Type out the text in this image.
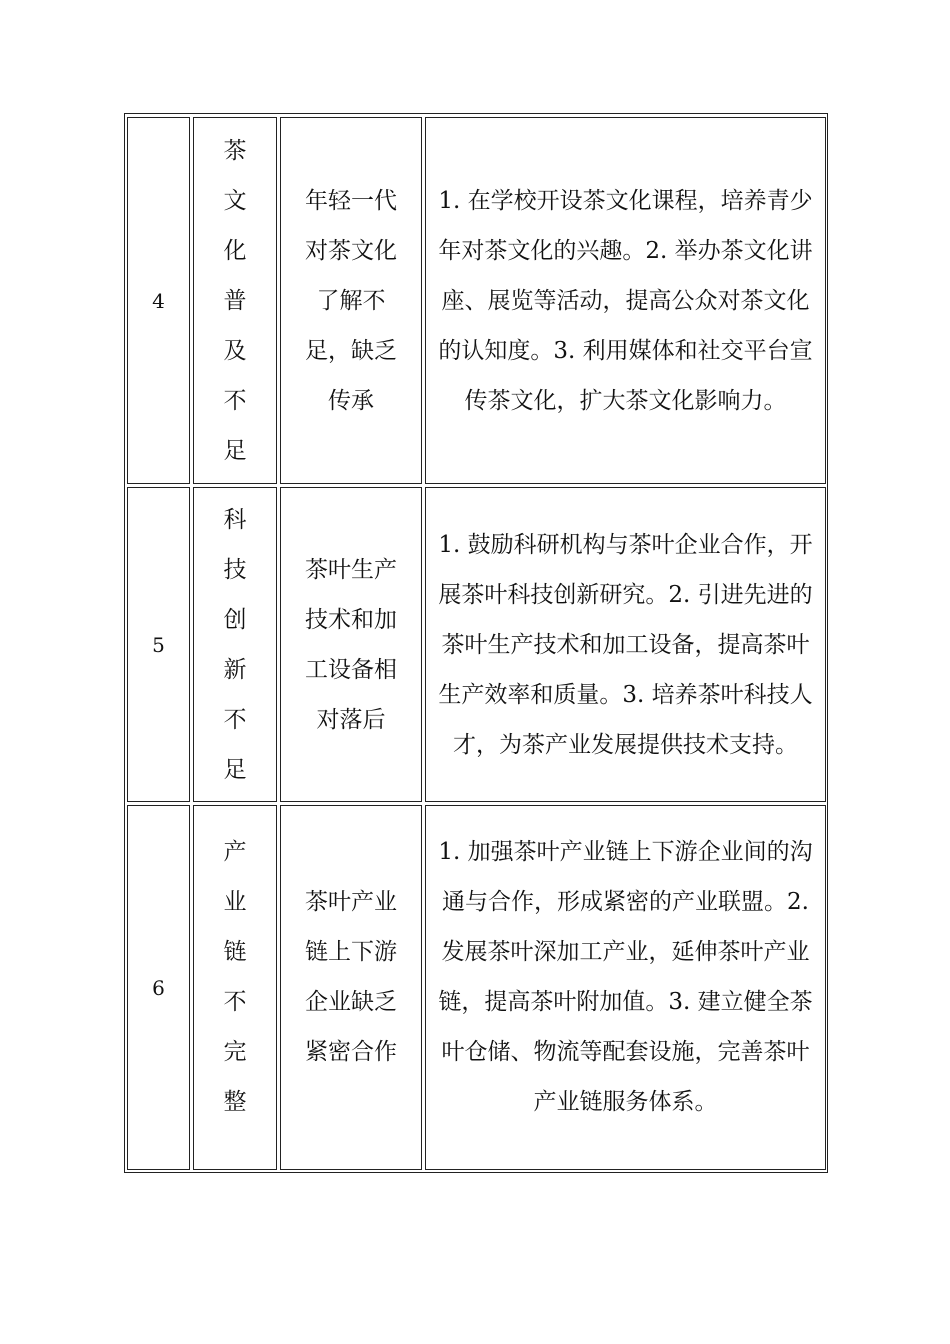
4
茶文化普及不足
年轻一代对茶文化了解不足，缺乏传承
1. 在学校开设茶文化课程，培养青少年对茶文化的兴趣。2. 举办茶文化讲座、展览等活动，提高公众对茶文化的认知度。3. 利用媒体和社交平台宣传茶文化，扩大茶文化影响力。
5
科技创新不足
茶叶生产技术和加工设备相对落后
1. 鼓励科研机构与茶叶企业合作，开展茶叶科技创新研究。2. 引进先进的茶叶生产技术和加工设备，提高茶叶生产效率和质量。3. 培养茶叶科技人才，为茶产业发展提供技术支持。
6
产业链不完整
茶叶产业链上下游企业缺乏紧密合作
1. 加强茶叶产业链上下游企业间的沟通与合作，形成紧密的产业联盟。2. 发展茶叶深加工产业，延伸茶叶产业链，提高茶叶附加值。3. 建立健全茶叶仓储、物流等配套设施，完善茶叶产业链服务体系。
